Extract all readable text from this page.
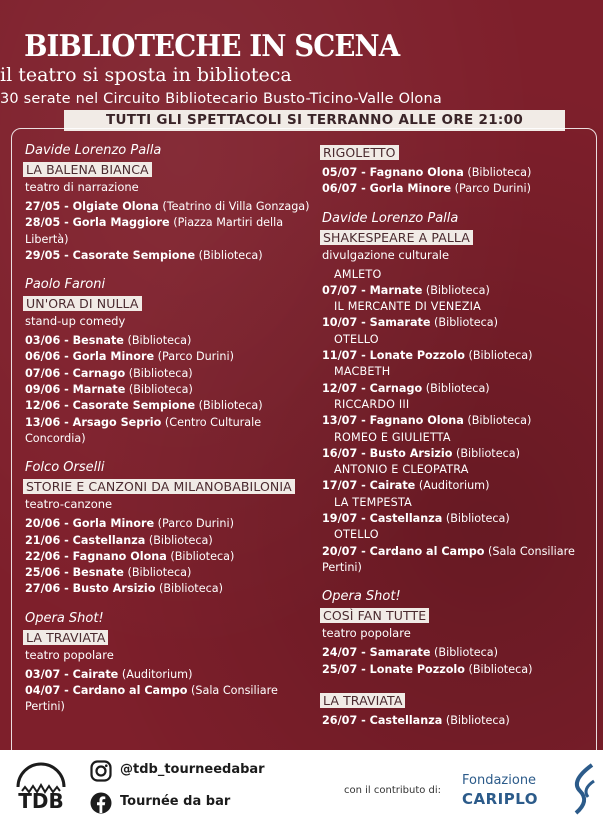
BIBLIOTECHE IN SCENA
il teatro si sposta in biblioteca
30 serate nel Circuito Bibliotecario Busto-Ticino-Valle Olona
TUTTI GLI SPETTACOLI SI TERRANNO ALLE ORE 21:00
Davide Lorenzo Palla
LA BALENA BIANCA
teatro di narrazione
27/05 - Olgiate Olona (Teatrino di Villa Gonzaga)
28/05 - Gorla Maggiore (Piazza Martiri della Libertà)
29/05 - Casorate Sempione (Biblioteca)
Paolo Faroni
UN'ORA DI NULLA
stand-up comedy
03/06 - Besnate (Biblioteca)
06/06 - Gorla Minore (Parco Durini)
07/06 - Carnago (Biblioteca)
09/06 - Marnate (Biblioteca)
12/06 - Casorate Sempione (Biblioteca)
13/06 - Arsago Seprio (Centro Culturale Concordia)
Folco Orselli
STORIE E CANZONI DA MILANOBABILONIA
teatro-canzone
20/06 - Gorla Minore (Parco Durini)
21/06 - Castellanza (Biblioteca)
22/06 - Fagnano Olona (Biblioteca)
25/06 - Besnate (Biblioteca)
27/06 - Busto Arsizio (Biblioteca)
Opera Shot!
LA TRAVIATA
teatro popolare
03/07 - Cairate (Auditorium)
04/07 - Cardano al Campo (Sala Consiliare Pertini)
RIGOLETTO
05/07 - Fagnano Olona (Biblioteca)
06/07 - Gorla Minore (Parco Durini)
Davide Lorenzo Palla
SHAKESPEARE A PALLA
divulgazione culturale
AMLETO
07/07 - Marnate (Biblioteca)
IL MERCANTE DI VENEZIA
10/07 - Samarate (Biblioteca)
OTELLO
11/07 - Lonate Pozzolo (Biblioteca)
MACBETH
12/07 - Carnago (Biblioteca)
RICCARDO III
13/07 - Fagnano Olona (Biblioteca)
ROMEO E GIULIETTA
16/07 - Busto Arsizio (Biblioteca)
ANTONIO E CLEOPATRA
17/07 - Cairate (Auditorium)
LA TEMPESTA
19/07 - Castellanza (Biblioteca)
OTELLO
20/07 - Cardano al Campo (Sala Consiliare Pertini)
Opera Shot!
COSÌ FAN TUTTE
teatro popolare
24/07 - Samarate (Biblioteca)
25/07 - Lonate Pozzolo (Biblioteca)
LA TRAVIATA
26/07 - Castellanza (Biblioteca)
TDB
@tdb_tourneedabar
Tournée da bar
con il contributo di:
Fondazione
CARIPLO
